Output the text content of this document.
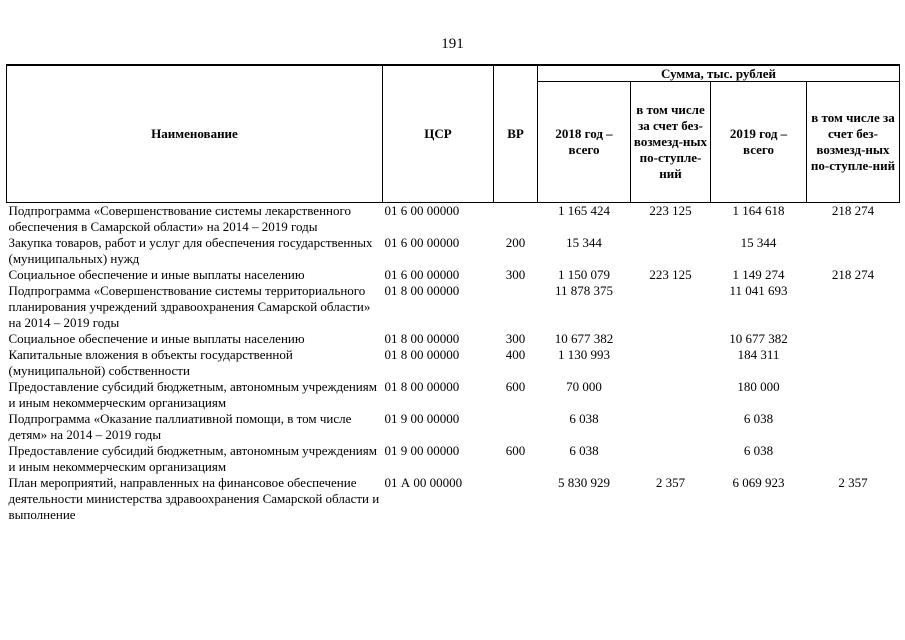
191
Наименование	ЦСР	ВР	Сумма, тыс. рублей			
			2018 год – всего	в том числе за счет без-возмезд-ных по-ступле-ний	2019 год – всего	в том числе за счет без-возмезд-ных по-ступле-ний
Подпрограмма «Совершенствование системы лекарственного обеспечения в Самарской области» на 2014 – 2019 годы	01 6 00 00000		1 165 424	223 125	1 164 618	218 274
Закупка товаров, работ и услуг для обеспечения государственных (муниципальных) нужд	01 6 00 00000	200	15 344		15 344	
Социальное обеспечение и иные выплаты населению	01 6 00 00000	300	1 150 079	223 125	1 149 274	218 274
Подпрограмма «Совершенствование системы территориального планирования учреждений здравоохранения Самарской области» на 2014 – 2019 годы	01 8 00 00000		11 878 375		11 041 693	
Социальное обеспечение и иные выплаты населению	01 8 00 00000	300	10 677 382		10 677 382	
Капитальные вложения в объекты государственной (муниципальной) собственности	01 8 00 00000	400	1 130 993		184 311	
Предоставление субсидий бюджетным, автономным учреждениям и иным некоммерческим организациям	01 8 00 00000	600	70 000		180 000	
Подпрограмма «Оказание паллиативной помощи, в том числе детям» на 2014 – 2019 годы	01 9 00 00000		6 038		6 038	
Предоставление субсидий бюджетным, автономным учреждениям и иным некоммерческим организациям	01 9 00 00000	600	6 038		6 038	
План мероприятий, направленных на финансовое обеспечение деятельности министерства здравоохранения Самарской области и выполнение	01 А 00 00000		5 830 929	2 357	6 069 923	2 357
